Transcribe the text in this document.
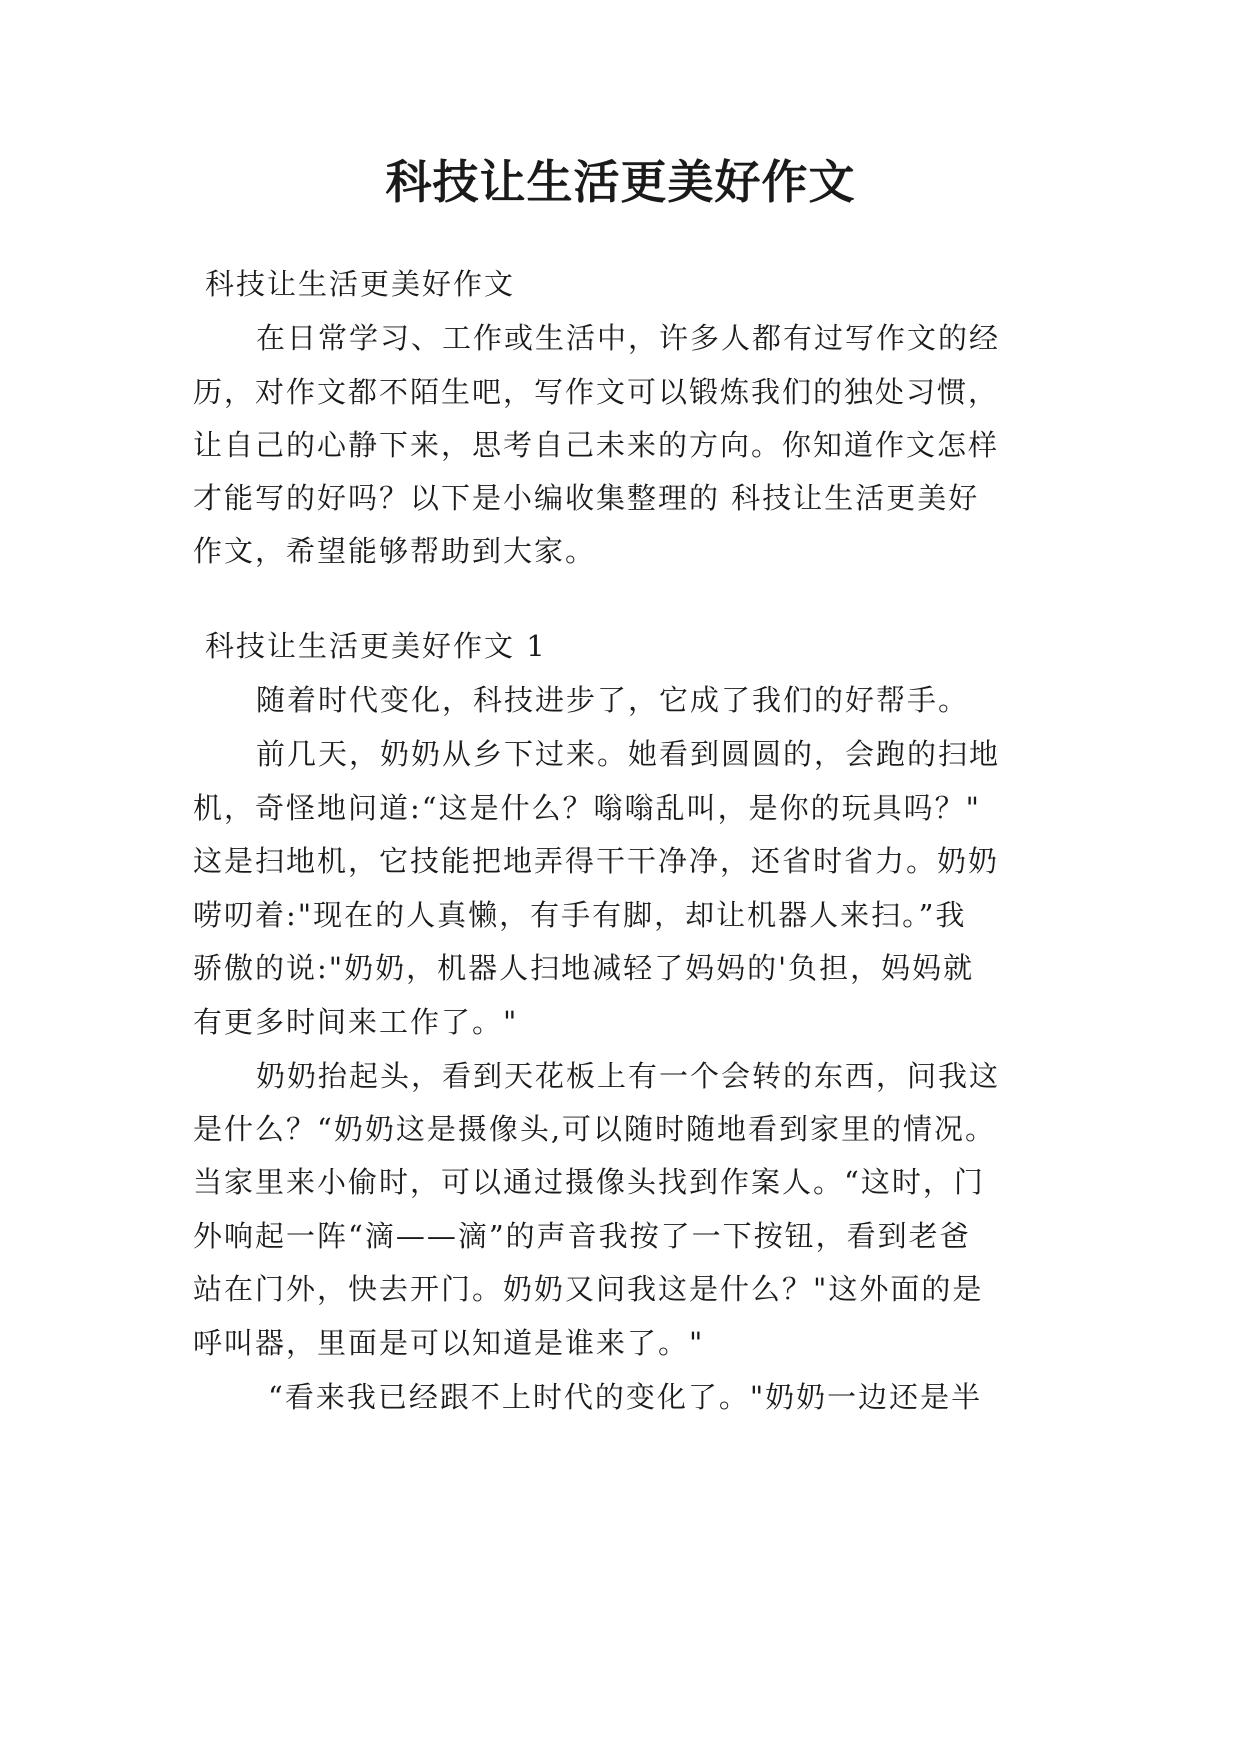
科技让生活更美好作文
科技让生活更美好作文
在日常学习、工作或生活中，许多人都有过写作文的经
历，对作文都不陌生吧，写作文可以锻炼我们的独处习惯，
让自己的心静下来，思考自己未来的方向。你知道作文怎样
才能写的好吗？以下是小编收集整理的 科技让生活更美好
作文，希望能够帮助到大家。
科技让生活更美好作文 1
随着时代变化，科技进步了，它成了我们的好帮手。
前几天，奶奶从乡下过来。她看到圆圆的，会跑的扫地
机，奇怪地问道:“这是什么？嗡嗡乱叫，是你的玩具吗？"
这是扫地机，它技能把地弄得干干净净，还省时省力。奶奶
唠叨着:"现在的人真懒，有手有脚，却让机器人来扫。”我
骄傲的说:"奶奶，机器人扫地减轻了妈妈的'负担，妈妈就
有更多时间来工作了。"
奶奶抬起头，看到天花板上有一个会转的东西，问我这
是什么？“奶奶这是摄像头,可以随时随地看到家里的情况。
当家里来小偷时，可以通过摄像头找到作案人。“这时，门
外响起一阵“滴——滴”的声音我按了一下按钮，看到老爸
站在门外，快去开门。奶奶又问我这是什么？"这外面的是
呼叫器，里面是可以知道是谁来了。"
“看来我已经跟不上时代的变化了。"奶奶一边还是半
